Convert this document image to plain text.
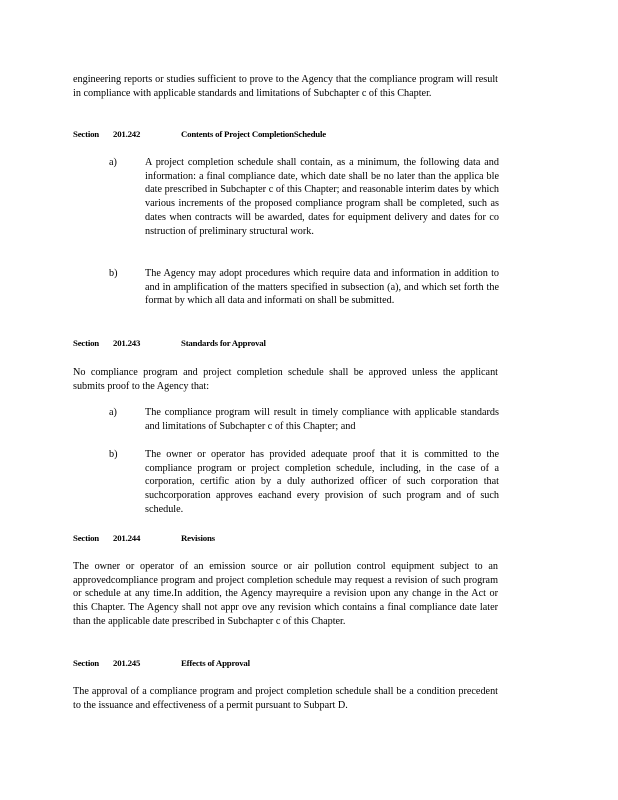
engineering reports or studies sufficient to prove to the Agency that the compliance program will result in compliance with applicable standards and limitations of Subchapter c of this Chapter.

Section 201.242	Contents of Project CompletionSchedule
a)	A project completion schedule shall contain, as a minimum, the following data and information: a final compliance date, which date shall be no later than the applica ble date prescribed in Subchapter c of this Chapter; and reasonable interim dates by which various increments of the proposed compliance program shall be completed, such as dates when contracts will be awarded, dates for equipment delivery and dates for co nstruction of preliminary structural work.

b)	The Agency may adopt procedures which require data and information in addition to and in amplification of the matters specified in subsection (a), and which set forth the format by which all data and informati on shall be submitted.

Section 201.243	Standards for Approval

No compliance program and project completion schedule shall be approved unless the applicant submits proof to the Agency that:

a)	The compliance program will result in timely compliance with applicable standards and limitations of Subchapter c of this Chapter; and

b)	The owner or operator has provided adequate proof that it is committed to the compliance program or project completion schedule, including, in the case of a corporation, certific ation by a duly authorized officer of such corporation that suchcorporation approves eachand every provision of such program and of such schedule.

Section 201.244	Revisions

The owner or operator of an emission source or air pollution control equipment subject to an approvedcompliance program and project completion schedule may request a revision of such program or schedule at any time.In addition, the Agency mayrequire a revision upon any change in the Act or this Chapter. The Agency shall not appr ove any revision which contains a final compliance date later than the applicable date prescribed in Subchapter c of this Chapter.

Section 201.245	Effects of Approval

The approval of a compliance program and project completion schedule shall be a condition precedent to the issuance and effectiveness of a permit pursuant to Subpart D.
